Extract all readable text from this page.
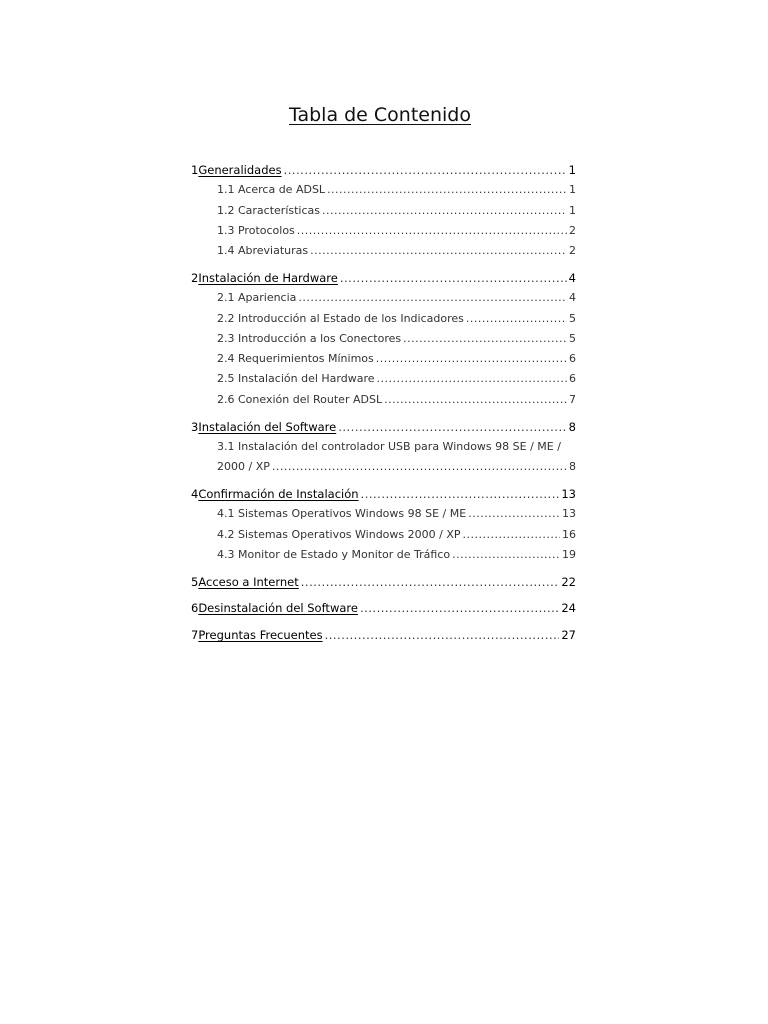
Tabla de Contenido
1 Generalidades .....	1
1.1 Acerca de ADSL .....	1
1.2 Características .....	1
1.3 Protocolos .....	2
1.4 Abreviaturas .....	2
2 Instalación de Hardware .....	4
2.1 Apariencia .....	4
2.2 Introducción al Estado de los Indicadores .....	5
2.3 Introducción a los Conectores .....	5
2.4 Requerimientos Mínimos .....	6
2.5 Instalación del Hardware .....	6
2.6 Conexión del Router ADSL .....	7
3 Instalación del Software .....	8
3.1 Instalación del controlador USB para Windows 98 SE / ME /
2000 / XP .....	8
4 Confirmación de Instalación .....	13
4.1 Sistemas Operativos Windows 98 SE / ME .....	13
4.2 Sistemas Operativos Windows 2000 / XP .....	16
4.3 Monitor de Estado y Monitor de Tráfico .....	19
5 Acceso a Internet .....	22
6 Desinstalación del Software .....	24
7 Preguntas Frecuentes .....	27
